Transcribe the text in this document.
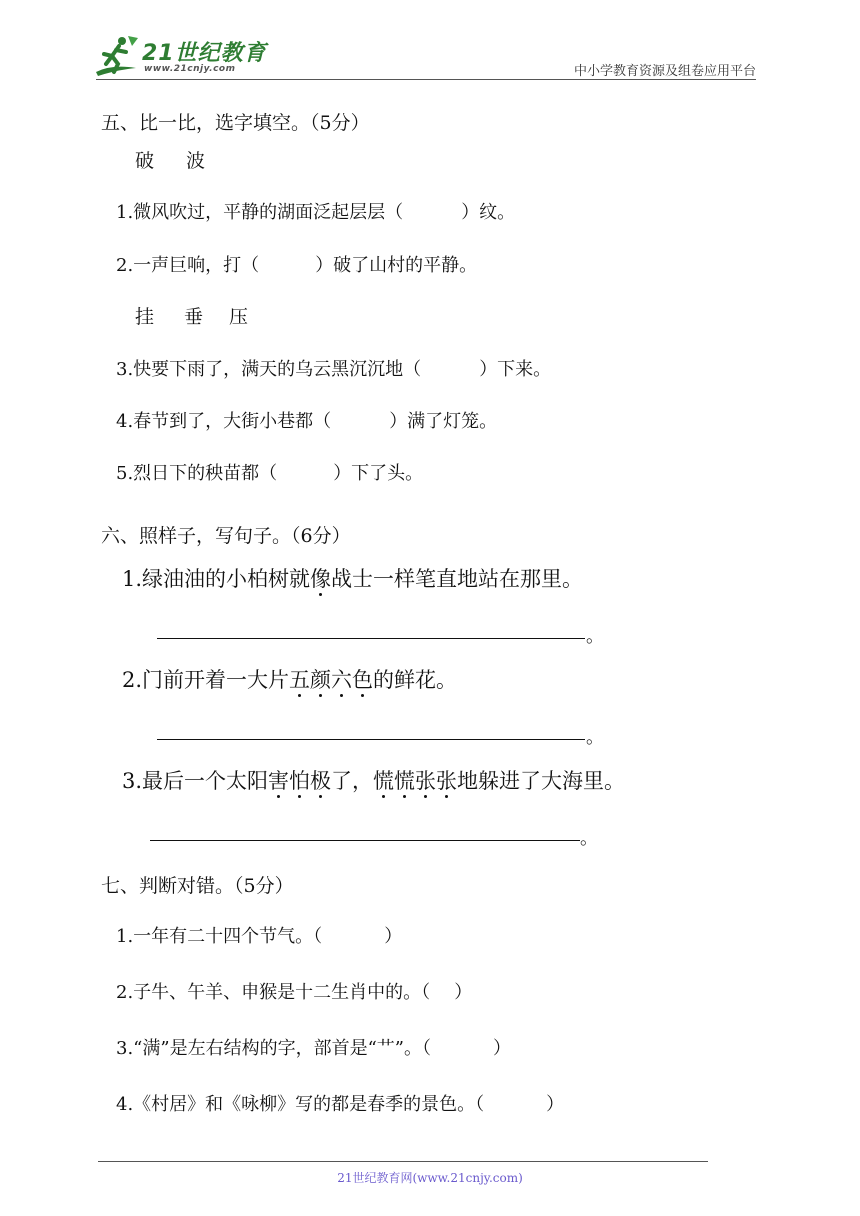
21世纪教育
www.21cnjy.com	中小学教育资源及组卷应用平台
五、比一比，选字填空。（5分）
破 波
1.微风吹过，平静的湖面泛起层层（	）纹。
2.一声巨响，打（	）破了山村的平静。
挂 垂 压
3.快要下雨了，满天的乌云黑沉沉地（	）下来。
4.春节到了，大街小巷都（	）满了灯笼。
5.烈日下的秧苗都（	）下了头。
六、照样子，写句子。（6分）
1.绿油油的小柏树就像战士一样笔直地站在那里。
。
2.门前开着一大片五颜六色的鲜花。
。
3.最后一个太阳害怕极了，慌慌张张地躲进了大海里。
。
七、判断对错。（5分）
1.一年有二十四个节气。（	）
2.子牛、午羊、申猴是十二生肖中的。（ ）
3.“满”是左右结构的字，部首是“艹”。（	）
4.《村居》和《咏柳》写的都是春季的景色。（	）
21世纪教育网(www.21cnjy.com)
